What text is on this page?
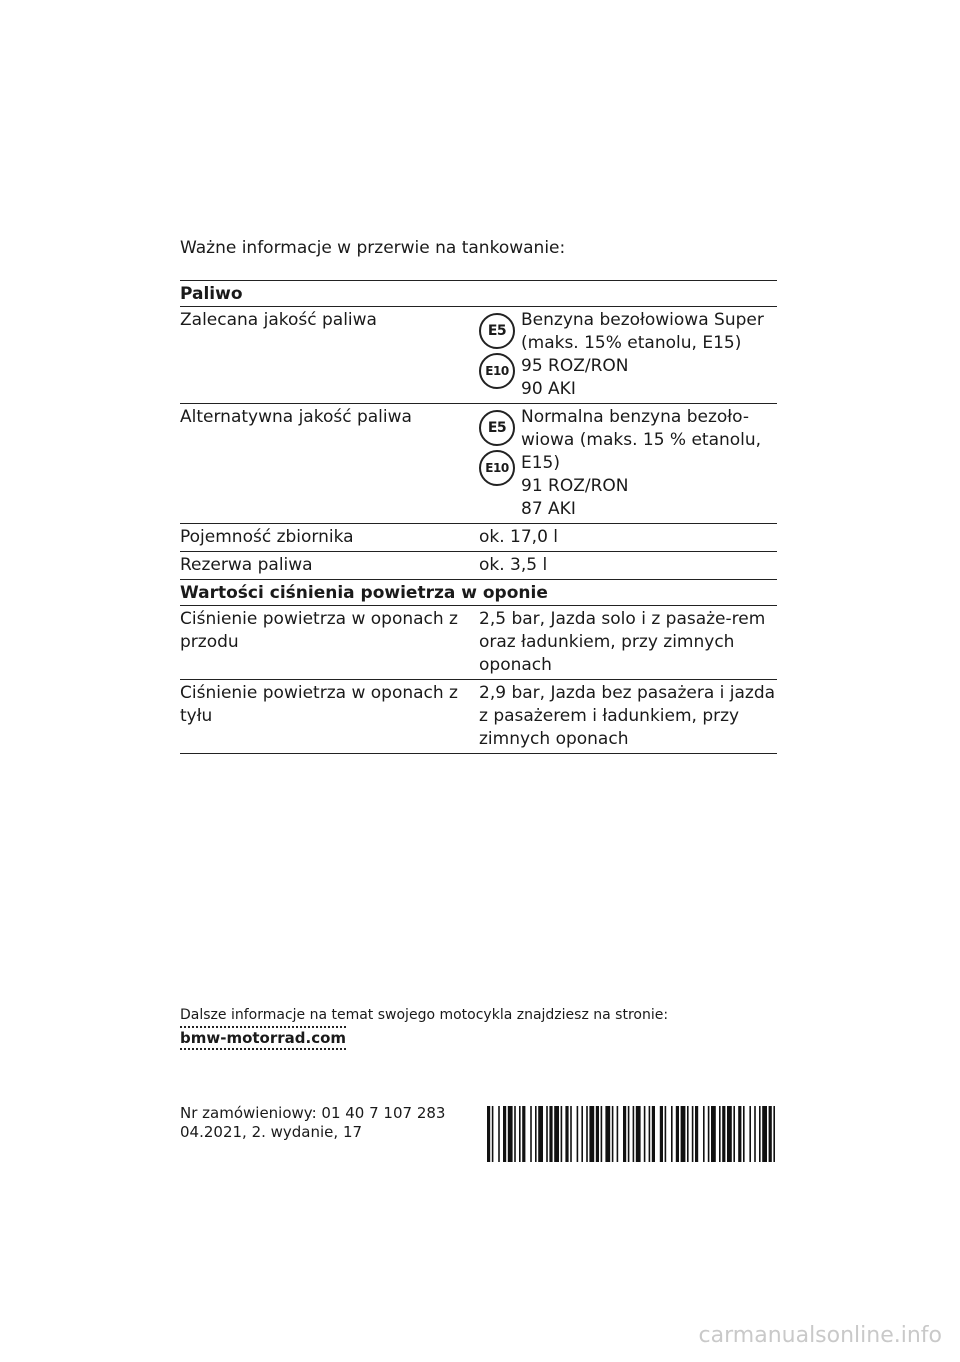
Ważne informacje w przerwie na tankowanie:

Paliwo
Zalecana jakość paliwa
E5
E10
Benzyna bezołowiowa Super
(maks. 15% etanolu, E15)
95 ROZ/RON
90 AKI
Alternatywna jakość paliwa
E5
E10
Normalna benzyna bezoło-
wiowa (maks. 15 % etanolu,
E15)
91 ROZ/RON
87 AKI
Pojemność zbiornika	ok. 17,0 l
Rezerwa paliwa	ok. 3,5 l
Wartości ciśnienia powietrza w oponie
Ciśnienie powietrza w oponach z przodu
2,5 bar, Jazda solo i z pasaże-rem oraz ładunkiem, przy zimnych oponach
Ciśnienie powietrza w oponach z tyłu
2,9 bar, Jazda bez pasażera i jazda z pasażerem i ładunkiem, przy zimnych oponach

Dalsze informacje na temat swojego motocykla znajdziesz na stronie:

bmw-motorrad.com
Nr zamówieniowy: 01 40 7 107 283
04.2021, 2. wydanie, 17
carmanualsonline.info
